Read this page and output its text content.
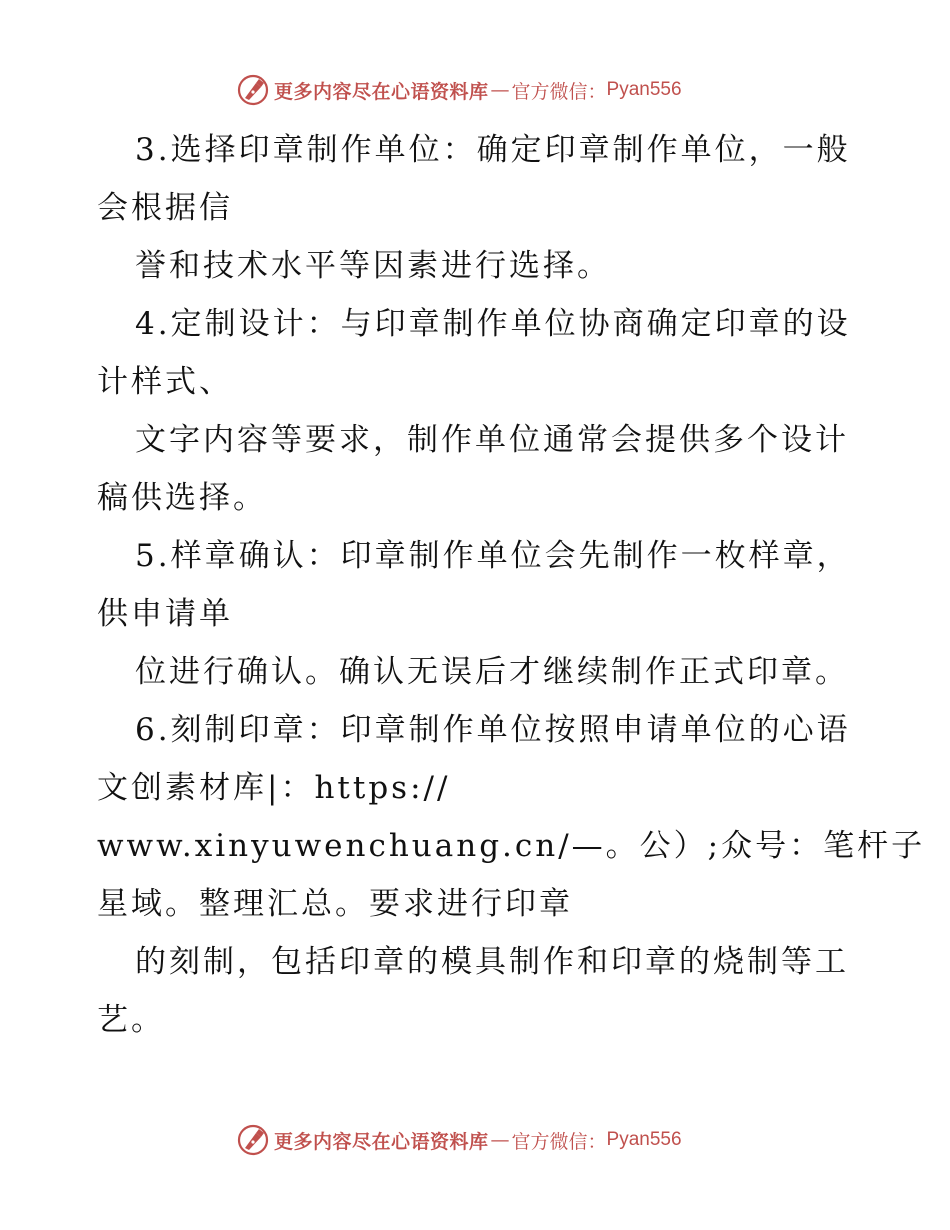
更多内容尽在心语资料库 — 官方微信： Pyan556
3.选择印章制作单位：确定印章制作单位，一般
会根据信
誉和技术水平等因素进行选择。
4.定制设计：与印章制作单位协商确定印章的设
计样式、
文字内容等要求，制作单位通常会提供多个设计
稿供选择。
5.样章确认：印章制作单位会先制作一枚样章，
供申请单
位进行确认。确认无误后才继续制作正式印章。
6.刻制印章：印章制作单位按照申请单位的心语
文创素材库|：https://
www.xinyuwenchuang.cn/—。公）;众号：笔杆子
星域。整理汇总。要求进行印章
的刻制，包括印章的模具制作和印章的烧制等工
艺。
更多内容尽在心语资料库 — 官方微信： Pyan556
